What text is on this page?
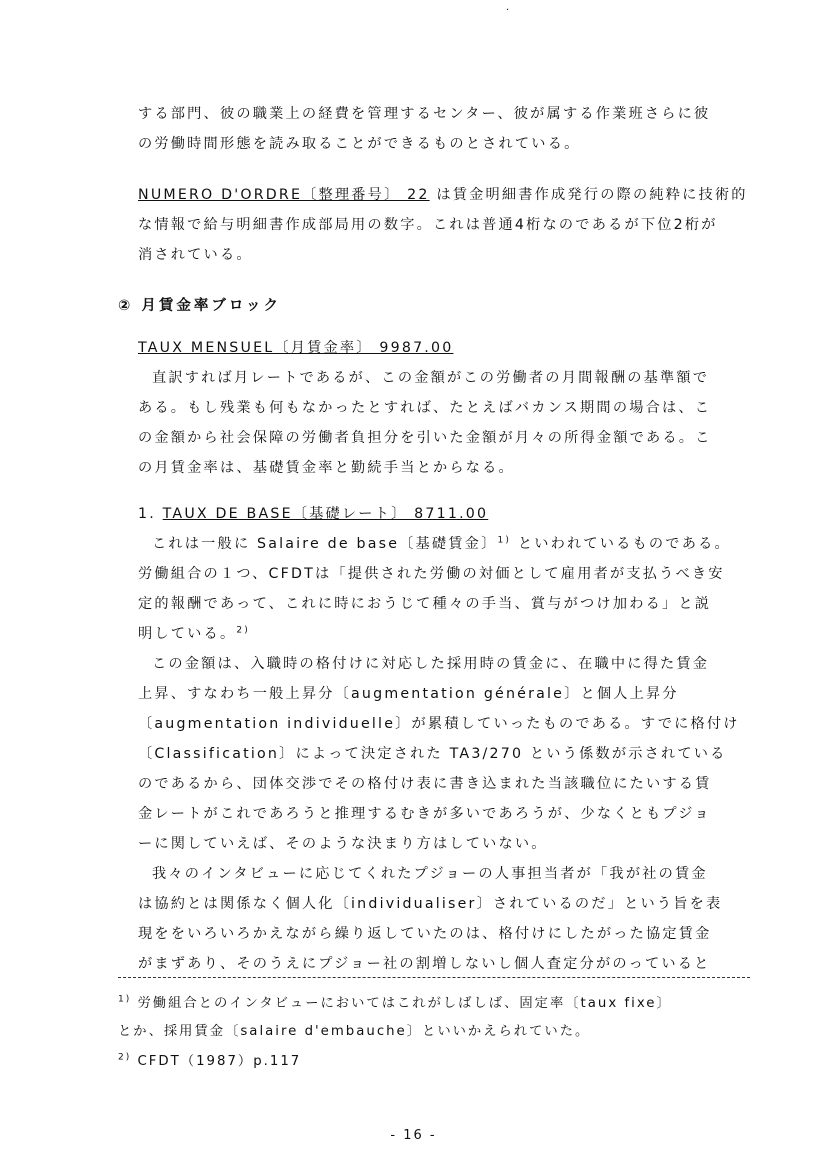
.
する部門、彼の職業上の経費を管理するセンター、彼が属する作業班さらに彼
の労働時間形態を読み取ることができるものとされている。
NUMERO D'ORDRE〔整理番号〕 22 は賃金明細書作成発行の際の純粋に技術的
な情報で給与明細書作成部局用の数字。これは普通4桁なのであるが下位2桁が
消されている。
② 月賃金率ブロック
TAUX MENSUEL〔月賃金率〕 9987.00
直訳すれば月レートであるが、この金額がこの労働者の月間報酬の基準額で
ある。もし残業も何もなかったとすれば、たとえばバカンス期間の場合は、こ
の金額から社会保障の労働者負担分を引いた金額が月々の所得金額である。こ
の月賃金率は、基礎賃金率と勤続手当とからなる。
1. TAUX DE BASE〔基礎レート〕 8711.00
これは一般に Salaire de base〔基礎賃金〕$^{1)}$ といわれているものである。
労働組合の１つ、CFDTは「提供された労働の対価として雇用者が支払うべき安
定的報酬であって、これに時におうじて種々の手当、賞与がつけ加わる」と説
明している。$^{2)}$
この金額は、入職時の格付けに対応した採用時の賃金に、在職中に得た賃金
上昇、すなわち一般上昇分〔augmentation générale〕と個人上昇分
〔augmentation individuelle〕が累積していったものである。すでに格付け
〔Classification〕によって決定された TA3/270 という係数が示されている
のであるから、団体交渉でその格付け表に書き込まれた当該職位にたいする賃
金レートがこれであろうと推理するむきが多いであろうが、少なくともプジョ
ーに関していえば、そのような決まり方はしていない。
我々のインタビューに応じてくれたプジョーの人事担当者が「我が社の賃金
は協約とは関係なく個人化〔individualiser〕されているのだ」という旨を表
現ををいろいろかえながら繰り返していたのは、格付けにしたがった協定賃金
がまずあり、そのうえにプジョー社の割増しないし個人査定分がのっていると
$^{1)}$ 労働組合とのインタビューにおいてはこれがしばしば、固定率〔taux fixe〕
とか、採用賃金〔salaire d'embauche〕といいかえられていた。
$^{2)}$ CFDT（1987）p.117
- 16 -
